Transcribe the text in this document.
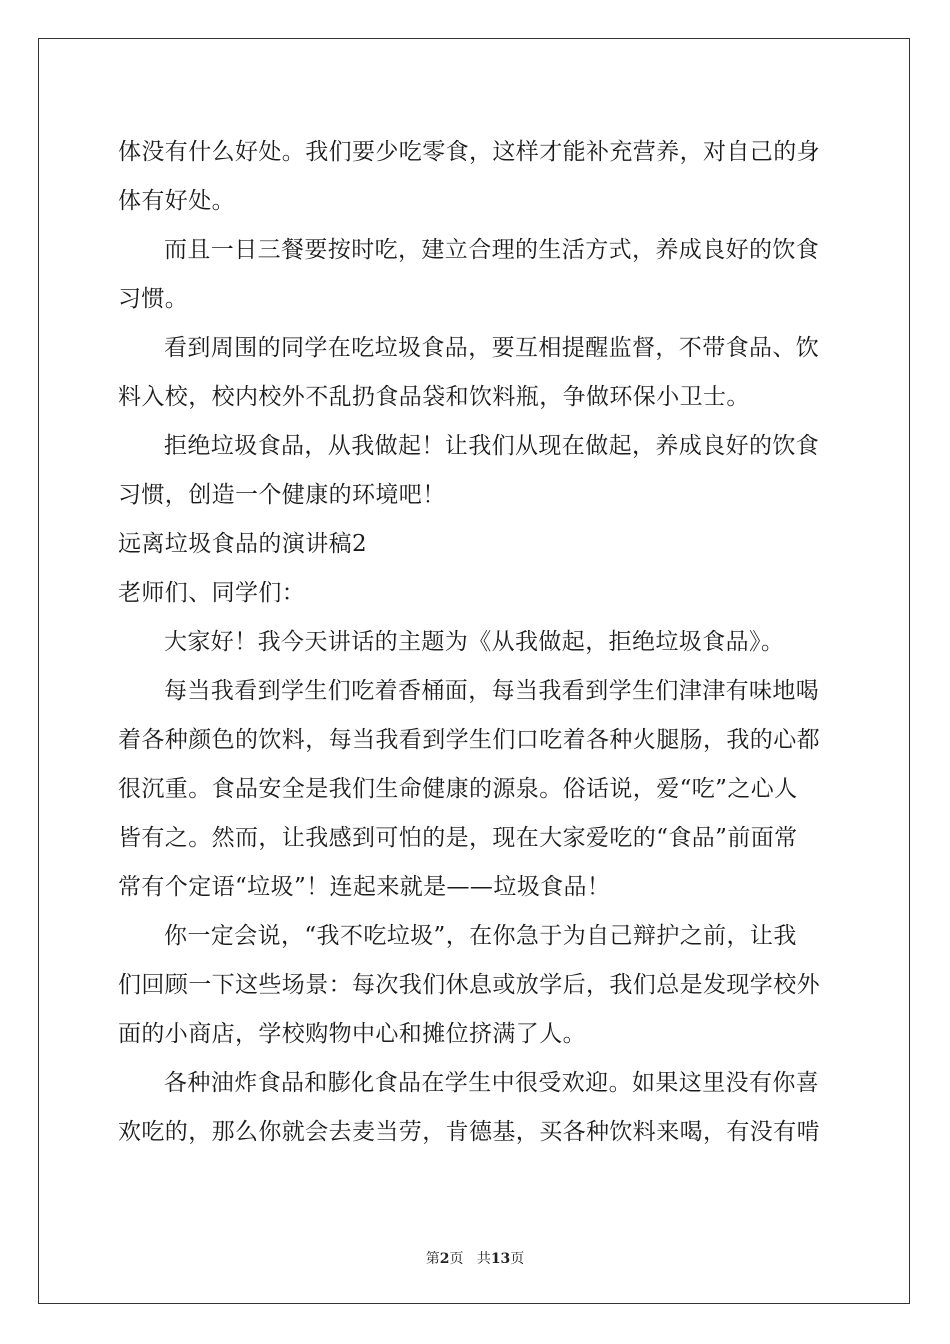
体没有什么好处。我们要少吃零食，这样才能补充营养，对自己的身
体有好处。
而且一日三餐要按时吃，建立合理的生活方式，养成良好的饮食
习惯。
看到周围的同学在吃垃圾食品，要互相提醒监督，不带食品、饮
料入校，校内校外不乱扔食品袋和饮料瓶，争做环保小卫士。
拒绝垃圾食品，从我做起！让我们从现在做起，养成良好的饮食
习惯，创造一个健康的环境吧！
远离垃圾食品的演讲稿2
老师们、同学们：
大家好！我今天讲话的主题为《从我做起，拒绝垃圾食品》。
每当我看到学生们吃着香桶面，每当我看到学生们津津有味地喝
着各种颜色的饮料，每当我看到学生们口吃着各种火腿肠，我的心都
很沉重。食品安全是我们生命健康的源泉。俗话说，爱“吃”之心人
皆有之。然而，让我感到可怕的是，现在大家爱吃的“食品”前面常
常有个定语“垃圾”！连起来就是——垃圾食品！
你一定会说，“我不吃垃圾”，在你急于为自己辩护之前，让我
们回顾一下这些场景：每次我们休息或放学后，我们总是发现学校外
面的小商店，学校购物中心和摊位挤满了人。
各种油炸食品和膨化食品在学生中很受欢迎。如果这里没有你喜
欢吃的，那么你就会去麦当劳，肯德基，买各种饮料来喝，有没有啃
第2页 共13页
